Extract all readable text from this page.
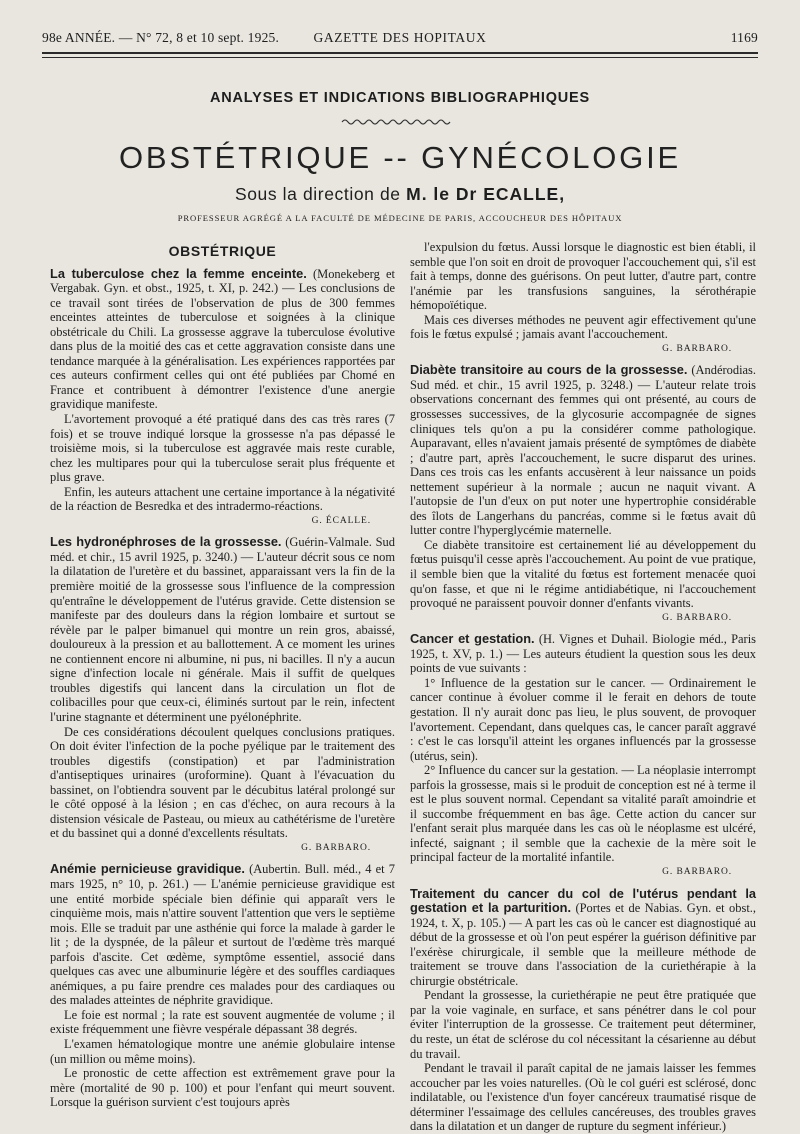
98e ANNÉE. — N° 72, 8 et 10 sept. 1925.	GAZETTE DES HOPITAUX	1169
ANALYSES ET INDICATIONS BIBLIOGRAPHIQUES
OBSTÉTRIQUE -- GYNÉCOLOGIE
Sous la direction de M. le Dr ECALLE,
PROFESSEUR AGRÉGÉ A LA FACULTÉ DE MÉDECINE DE PARIS, ACCOUCHEUR DES HÔPITAUX
OBSTÉTRIQUE

La tuberculose chez la femme enceinte. (Monekeberg et Vergabak. Gyn. et obst., 1925, t. XI, p. 242.) — Les conclusions de ce travail sont tirées de l'observation de plus de 300 femmes enceintes atteintes de tuberculose et soignées à la clinique obstétricale du Chili. La grossesse aggrave la tuberculose évolutive dans plus de la moitié des cas et cette aggravation consiste dans une tendance marquée à la généralisation. Les expériences rapportées par ces auteurs confirment celles qui ont été publiées par Chomé en France et contribuent à démontrer l'existence d'une anergie gravidique manifeste.

L'avortement provoqué a été pratiqué dans des cas très rares (7 fois) et se trouve indiqué lorsque la grossesse n'a pas dépassé le troisième mois, si la tuberculose est aggravée mais reste curable, chez les multipares pour qui la tuberculose serait plus fréquente et plus grave.

Enfin, les auteurs attachent une certaine importance à la négativité de la réaction de Besredka et des intradermo-réactions.

G. ÉCALLE.

Les hydronéphroses de la grossesse. (Guérin-Valmale. Sud méd. et chir., 15 avril 1925, p. 3240.) — L'auteur décrit sous ce nom la dilatation de l'uretère et du bassinet, apparaissant vers la fin de la première moitié de la grossesse sous l'influence de la compression qu'entraîne le développement de l'utérus gravide. Cette distension se manifeste par des douleurs dans la région lombaire et surtout se révèle par le palper bimanuel qui montre un rein gros, abaissé, douloureux à la pression et au ballottement. A ce moment les urines ne contiennent encore ni albumine, ni pus, ni bacilles. Il n'y a aucun signe d'infection locale ni générale. Mais il suffit de quelques troubles digestifs qui lancent dans la circulation un flot de colibacilles pour que ceux-ci, éliminés surtout par le rein, infectent l'urine stagnante et déterminent une pyélonéphrite.

De ces considérations découlent quelques conclusions pratiques. On doit éviter l'infection de la poche pyélique par le traitement des troubles digestifs (constipation) et par l'administration d'antiseptiques urinaires (uroformine). Quant à l'évacuation du bassinet, on l'obtiendra souvent par le décubitus latéral prolongé sur le côté opposé à la lésion ; en cas d'échec, on aura recours à la distension vésicale de Pasteau, ou mieux au cathétérisme de l'uretère et du bassinet qui a donné d'excellents résultats.

G. BARBARO.

Anémie pernicieuse gravidique. (Aubertin. Bull. méd., 4 et 7 mars 1925, n° 10, p. 261.) — L'anémie pernicieuse gravidique est une entité morbide spéciale bien définie qui apparaît vers le cinquième mois, mais n'attire souvent l'attention que vers le septième mois. Elle se traduit par une asthénie qui force la malade à garder le lit ; de la dyspnée, de la pâleur et surtout de l'œdème très marqué parfois d'ascite. Cet œdème, symptôme essentiel, associé dans quelques cas avec une albuminurie légère et des souffles cardiaques anémiques, a pu faire prendre ces malades pour des cardiaques ou des malades atteintes de néphrite gravidique.

Le foie est normal ; la rate est souvent augmentée de volume ; il existe fréquemment une fièvre vespérale dépassant 38 degrés.

L'examen hématologique montre une anémie globulaire intense (un million ou même moins).

Le pronostic de cette affection est extrêmement grave pour la mère (mortalité de 90 p. 100) et pour l'enfant qui meurt souvent. Lorsque la guérison survient c'est toujours après

l'expulsion du fœtus. Aussi lorsque le diagnostic est bien établi, il semble que l'on soit en droit de provoquer l'accouchement qui, s'il est fait à temps, donne des guérisons. On peut lutter, d'autre part, contre l'anémie par les transfusions sanguines, la sérothérapie hémopoïétique.

Mais ces diverses méthodes ne peuvent agir effectivement qu'une fois le fœtus expulsé ; jamais avant l'accouchement.

G. BARBARO.

Diabète transitoire au cours de la grossesse. (Andérodias. Sud méd. et chir., 15 avril 1925, p. 3248.) — L'auteur relate trois observations concernant des femmes qui ont présenté, au cours de grossesses successives, de la glycosurie accompagnée de signes cliniques tels qu'on a pu la considérer comme pathologique. Auparavant, elles n'avaient jamais présenté de symptômes de diabète ; d'autre part, après l'accouchement, le sucre disparut des urines. Dans ces trois cas les enfants accusèrent à leur naissance un poids nettement supérieur à la normale ; aucun ne naquit vivant. A l'autopsie de l'un d'eux on put noter une hypertrophie considérable des îlots de Langerhans du pancréas, comme si le fœtus avait dû lutter contre l'hyperglycémie maternelle.

Ce diabète transitoire est certainement lié au développement du fœtus puisqu'il cesse après l'accouchement. Au point de vue pratique, il semble bien que la vitalité du fœtus est fortement menacée quoi qu'on fasse, et que ni le régime antidiabétique, ni l'accouchement provoqué ne paraissent pouvoir donner d'enfants vivants.

G. BARBARO.

Cancer et gestation. (H. Vignes et Duhail. Biologie méd., Paris 1925, t. XV, p. 1.) — Les auteurs étudient la question sous les deux points de vue suivants :

1° Influence de la gestation sur le cancer. — Ordinairement le cancer continue à évoluer comme il le ferait en dehors de toute gestation. Il n'y aurait donc pas lieu, le plus souvent, de provoquer l'avortement. Cependant, dans quelques cas, le cancer paraît aggravé : c'est le cas lorsqu'il atteint les organes influencés par la grossesse (utérus, sein).

2° Influence du cancer sur la gestation. — La néoplasie interrompt parfois la grossesse, mais si le produit de conception est né à terme il est le plus souvent normal. Cependant sa vitalité paraît amoindrie et il succombe fréquemment en bas âge. Cette action du cancer sur l'enfant serait plus marquée dans les cas où le néoplasme est ulcéré, infecté, saignant ; il semble que la cachexie de la mère soit le principal facteur de la mortalité infantile.

G. BARBARO.

Traitement du cancer du col de l'utérus pendant la gestation et la parturition. (Portes et de Nabias. Gyn. et obst., 1924, t. X, p. 105.) — A part les cas où le cancer est diagnostiqué au début de la grossesse et où l'on peut espérer la guérison définitive par l'exérèse chirurgicale, il semble que la meilleure méthode de traitement se trouve dans l'association de la curiethérapie à la chirurgie obstétricale.

Pendant la grossesse, la curiethérapie ne peut être pratiquée que par la voie vaginale, en surface, et sans pénétrer dans le col pour éviter l'interruption de la grossesse. Ce traitement peut déterminer, du reste, un état de sclérose du col nécessitant la césarienne au début du travail.

Pendant le travail il paraît capital de ne jamais laisser les femmes accoucher par les voies naturelles. (Où le col guéri est sclérosé, donc indilatable, ou l'existence d'un foyer cancéreux traumatisé risque de déterminer l'essaimage des cellules cancéreuses, des troubles graves dans la dilatation et un danger de rupture du segment inférieur.)
